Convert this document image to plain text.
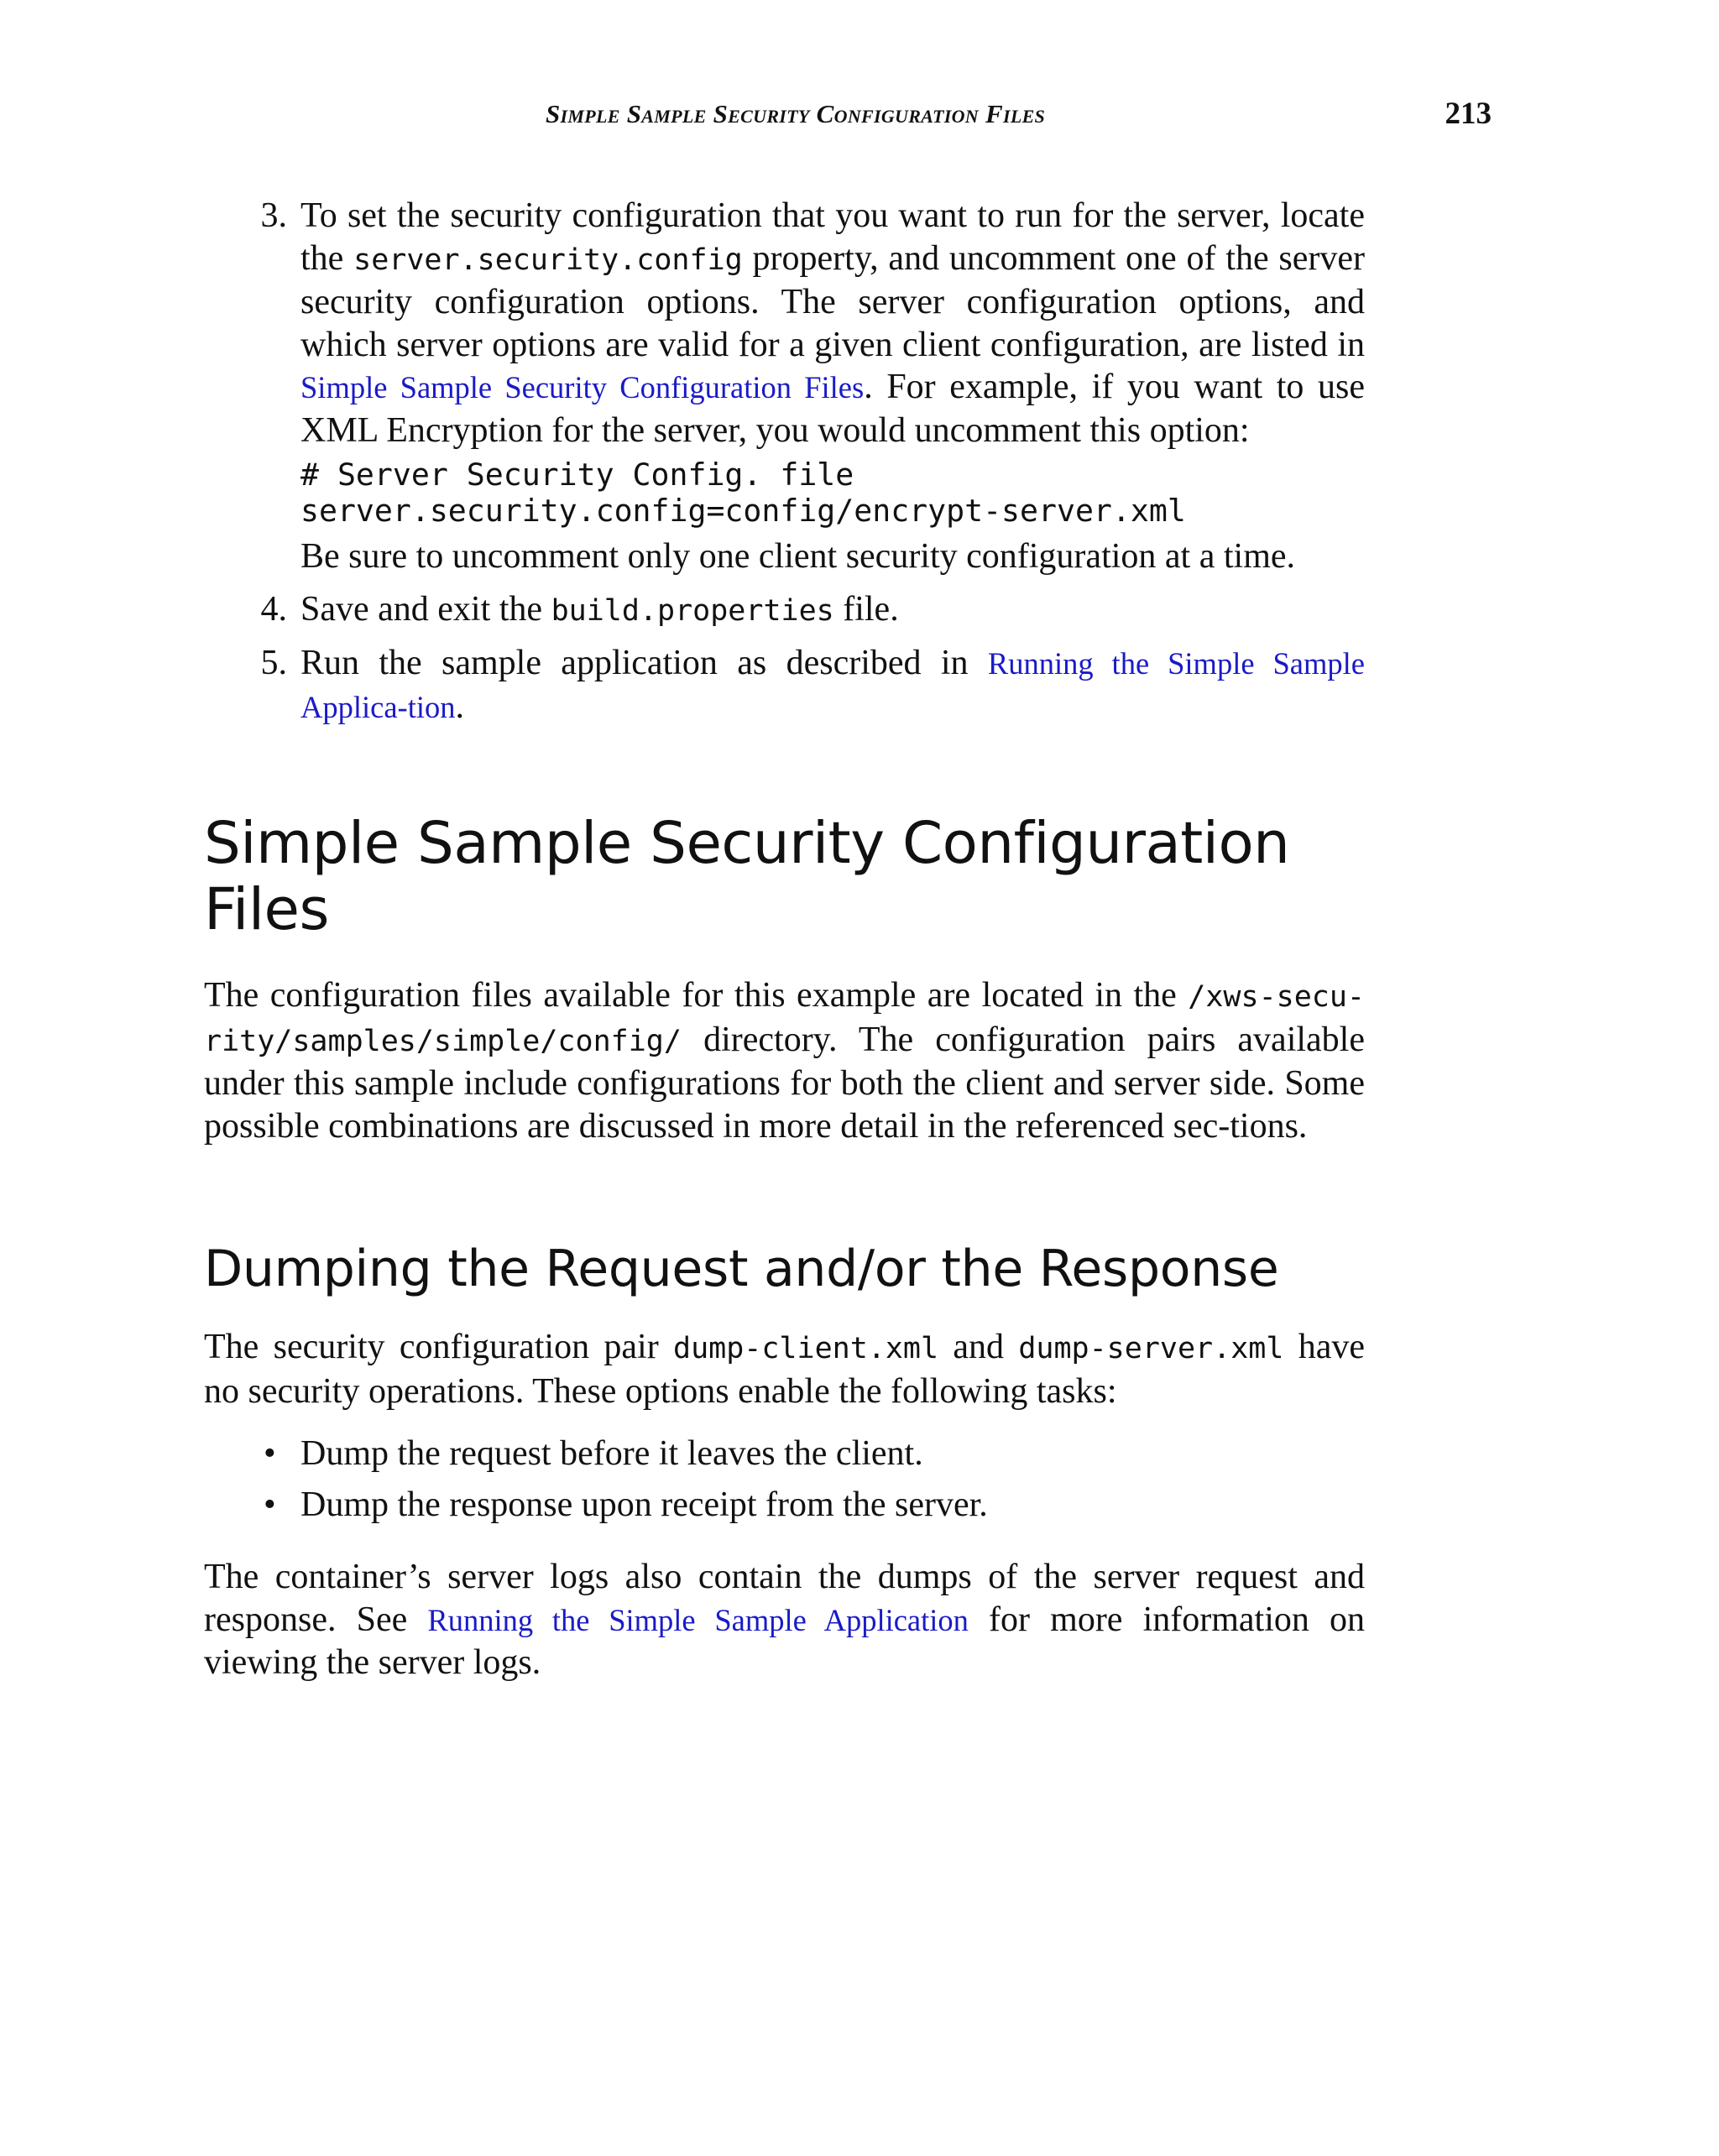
Simple Sample Security Configuration Files	213
3. To set the security configuration that you want to run for the server, locate the server.security.config property, and uncomment one of the server security configuration options. The server configuration options, and which server options are valid for a given client configuration, are listed in Simple Sample Security Configuration Files. For example, if you want to use XML Encryption for the server, you would uncomment this option:
# Server Security Config. file
server.security.config=config/encrypt-server.xml
Be sure to uncomment only one client security configuration at a time.
4. Save and exit the build.properties file.
5. Run the sample application as described in Running the Simple Sample Applica-tion.
Simple Sample Security Configuration Files

The configuration files available for this example are located in the /xws-secu-rity/samples/simple/config/ directory. The configuration pairs available under this sample include configurations for both the client and server side. Some possible combinations are discussed in more detail in the referenced sec-tions.

Dumping the Request and/or the Response

The security configuration pair dump-client.xml and dump-server.xml have no security operations. These options enable the following tasks:

• Dump the request before it leaves the client.
• Dump the response upon receipt from the server.

The container’s server logs also contain the dumps of the server request and response. See Running the Simple Sample Application for more information on viewing the server logs.
